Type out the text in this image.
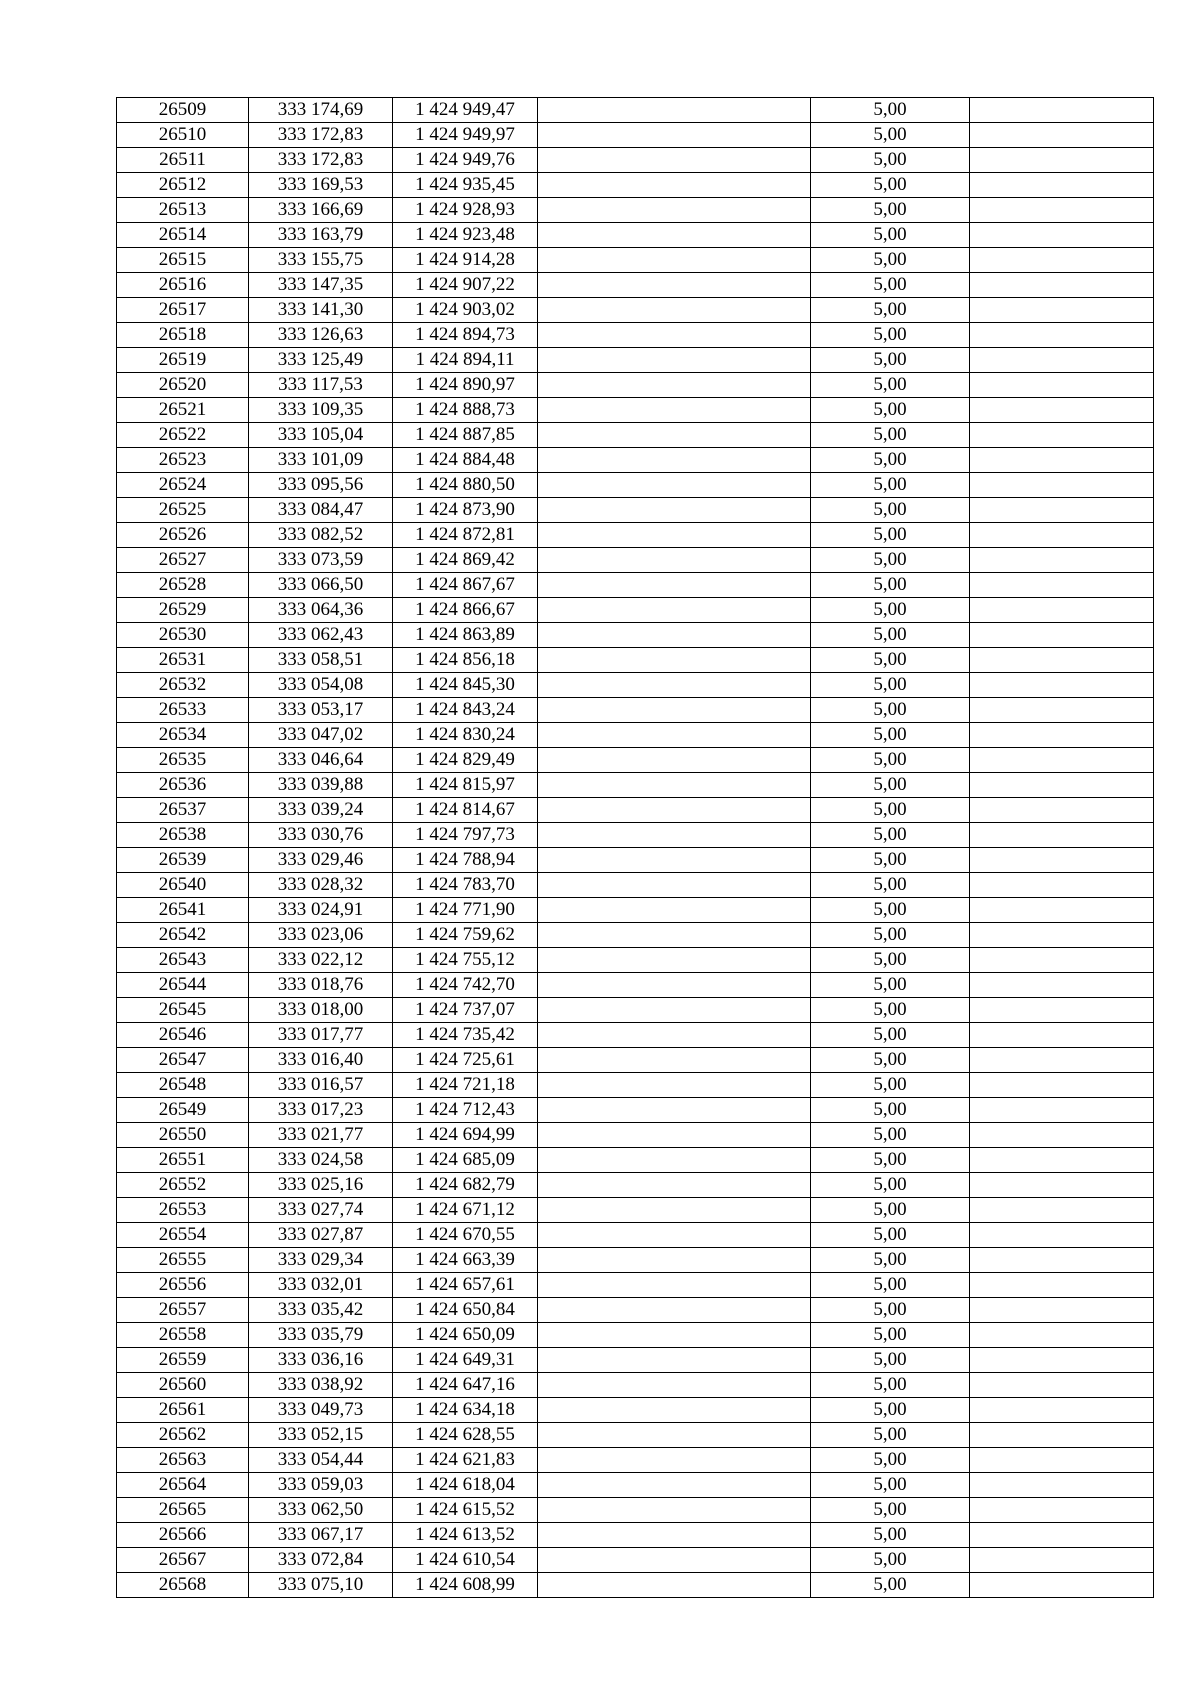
26509	333 174,69	1 424 949,47		5,00	
26510	333 172,83	1 424 949,97		5,00	
26511	333 172,83	1 424 949,76		5,00	
26512	333 169,53	1 424 935,45		5,00	
26513	333 166,69	1 424 928,93		5,00	
26514	333 163,79	1 424 923,48		5,00	
26515	333 155,75	1 424 914,28		5,00	
26516	333 147,35	1 424 907,22		5,00	
26517	333 141,30	1 424 903,02		5,00	
26518	333 126,63	1 424 894,73		5,00	
26519	333 125,49	1 424 894,11		5,00	
26520	333 117,53	1 424 890,97		5,00	
26521	333 109,35	1 424 888,73		5,00	
26522	333 105,04	1 424 887,85		5,00	
26523	333 101,09	1 424 884,48		5,00	
26524	333 095,56	1 424 880,50		5,00	
26525	333 084,47	1 424 873,90		5,00	
26526	333 082,52	1 424 872,81		5,00	
26527	333 073,59	1 424 869,42		5,00	
26528	333 066,50	1 424 867,67		5,00	
26529	333 064,36	1 424 866,67		5,00	
26530	333 062,43	1 424 863,89		5,00	
26531	333 058,51	1 424 856,18		5,00	
26532	333 054,08	1 424 845,30		5,00	
26533	333 053,17	1 424 843,24		5,00	
26534	333 047,02	1 424 830,24		5,00	
26535	333 046,64	1 424 829,49		5,00	
26536	333 039,88	1 424 815,97		5,00	
26537	333 039,24	1 424 814,67		5,00	
26538	333 030,76	1 424 797,73		5,00	
26539	333 029,46	1 424 788,94		5,00	
26540	333 028,32	1 424 783,70		5,00	
26541	333 024,91	1 424 771,90		5,00	
26542	333 023,06	1 424 759,62		5,00	
26543	333 022,12	1 424 755,12		5,00	
26544	333 018,76	1 424 742,70		5,00	
26545	333 018,00	1 424 737,07		5,00	
26546	333 017,77	1 424 735,42		5,00	
26547	333 016,40	1 424 725,61		5,00	
26548	333 016,57	1 424 721,18		5,00	
26549	333 017,23	1 424 712,43		5,00	
26550	333 021,77	1 424 694,99		5,00	
26551	333 024,58	1 424 685,09		5,00	
26552	333 025,16	1 424 682,79		5,00	
26553	333 027,74	1 424 671,12		5,00	
26554	333 027,87	1 424 670,55		5,00	
26555	333 029,34	1 424 663,39		5,00	
26556	333 032,01	1 424 657,61		5,00	
26557	333 035,42	1 424 650,84		5,00	
26558	333 035,79	1 424 650,09		5,00	
26559	333 036,16	1 424 649,31		5,00	
26560	333 038,92	1 424 647,16		5,00	
26561	333 049,73	1 424 634,18		5,00	
26562	333 052,15	1 424 628,55		5,00	
26563	333 054,44	1 424 621,83		5,00	
26564	333 059,03	1 424 618,04		5,00	
26565	333 062,50	1 424 615,52		5,00	
26566	333 067,17	1 424 613,52		5,00	
26567	333 072,84	1 424 610,54		5,00	
26568	333 075,10	1 424 608,99		5,00	
